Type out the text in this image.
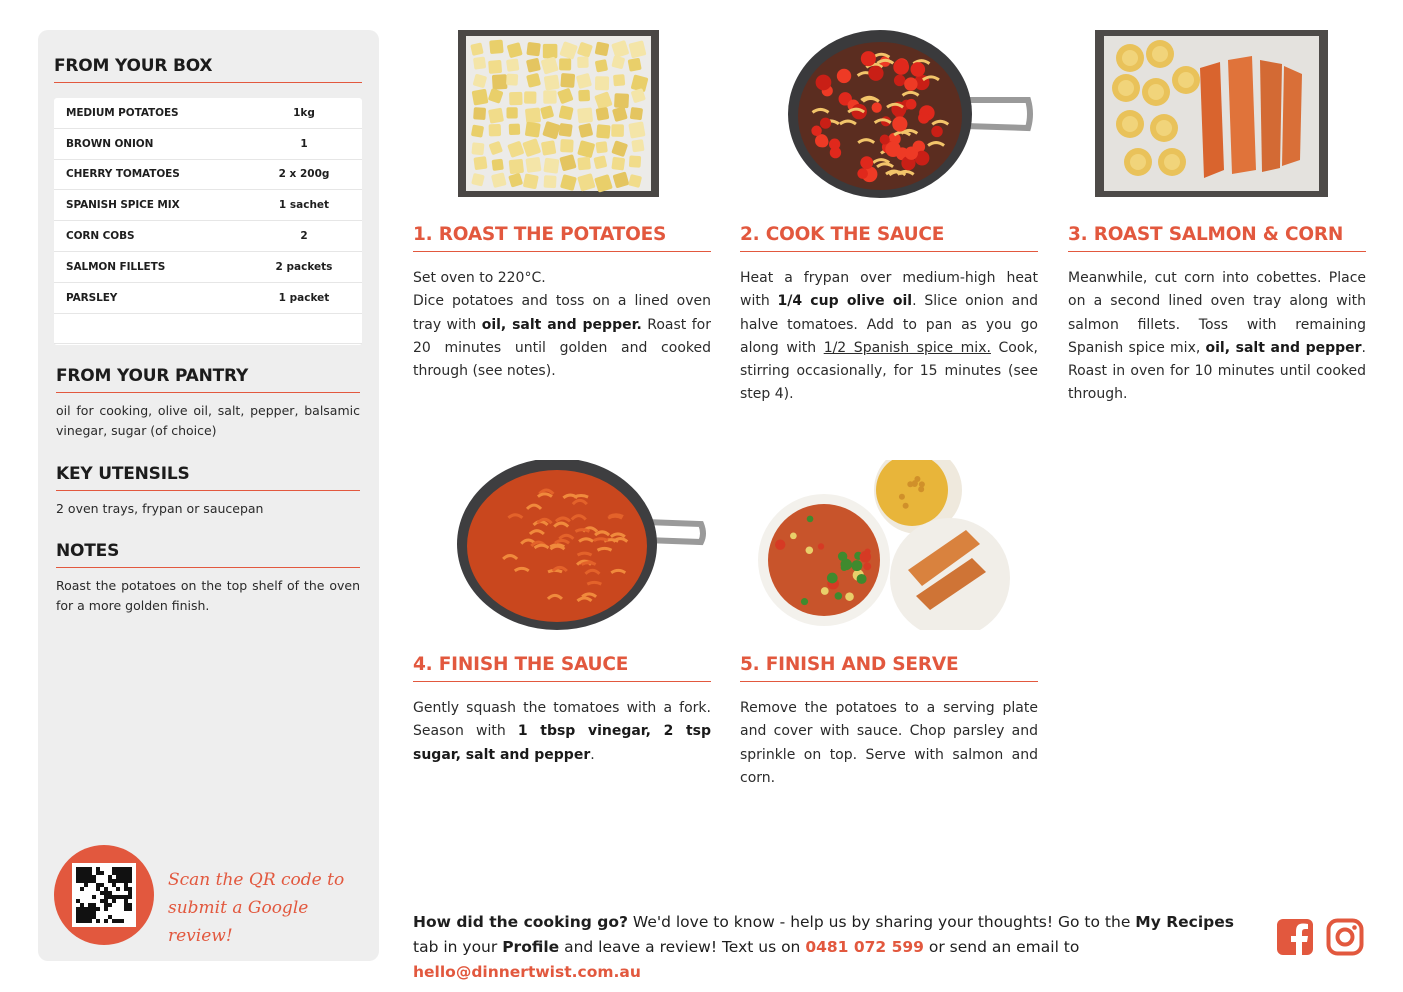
FROM YOUR BOX
MEDIUM POTATOES	1kg
BROWN ONION	1
CHERRY TOMATOES	2 x 200g
SPANISH SPICE MIX	1 sachet
CORN COBS	2
SALMON FILLETS	2 packets
PARSLEY	1 packet
FROM YOUR PANTRY
oil for cooking, olive oil, salt, pepper, balsamic vinegar, sugar (of choice)
KEY UTENSILS
2 oven trays, frypan or saucepan
NOTES
Roast the potatoes on the top shelf of the oven for a more golden finish.
Scan the QR code to
submit a Google review!
1. ROAST THE POTATOES
Set oven to 220°C.
Dice potatoes and toss on a lined oven tray with oil, salt and pepper. Roast for 20 minutes until golden and cooked through (see notes).
2. COOK THE SAUCE
Heat a frypan over medium-high heat with 1/4 cup olive oil. Slice onion and halve tomatoes. Add to pan as you go along with 1/2 Spanish spice mix. Cook, stirring occasionally, for 15 minutes (see step 4).
3. ROAST SALMON & CORN
Meanwhile, cut corn into cobettes. Place on a second lined oven tray along with salmon fillets. Toss with remaining Spanish spice mix, oil, salt and pepper. Roast in oven for 10 minutes until cooked through.
4. FINISH THE SAUCE
Gently squash the tomatoes with a fork. Season with 1 tbsp vinegar, 2 tsp sugar, salt and pepper.
5. FINISH AND SERVE
Remove the potatoes to a serving plate and cover with sauce. Chop parsley and sprinkle on top. Serve with salmon and corn.
How did the cooking go? We'd love to know - help us by sharing your thoughts! Go to the My Recipes tab in your Profile and leave a review! Text us on 0481 072 599 or send an email to hello@dinnertwist.com.au
